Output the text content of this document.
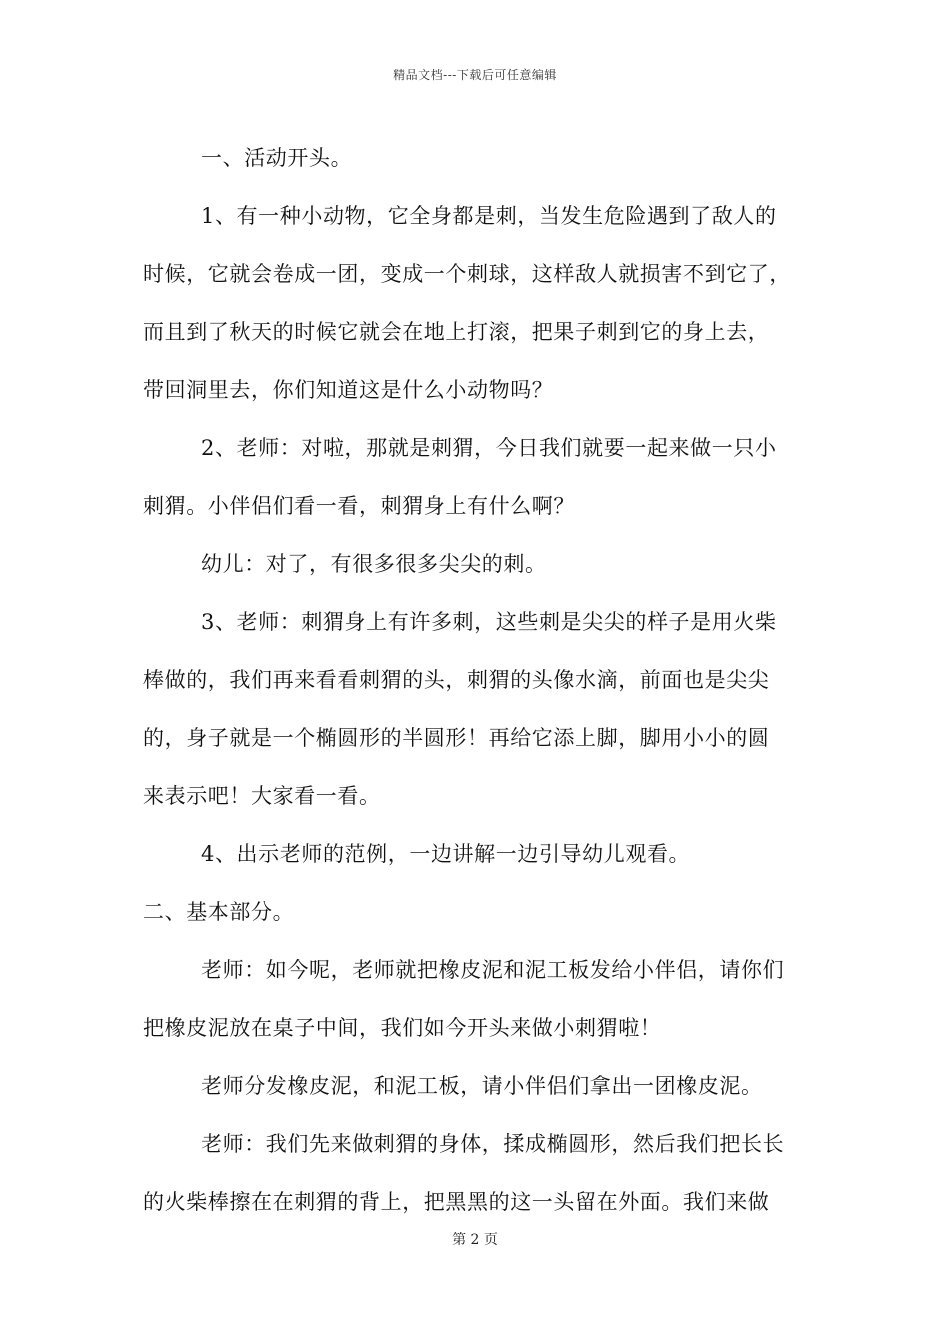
精品文档---下载后可任意编辑

一、活动开头。

1、有一种小动物，它全身都是刺，当发生危险遇到了敌人的

时候，它就会卷成一团，变成一个刺球，这样敌人就损害不到它了，

而且到了秋天的时候它就会在地上打滚，把果子刺到它的身上去，

带回洞里去，你们知道这是什么小动物吗？

2、老师：对啦，那就是刺猬，今日我们就要一起来做一只小

刺猬。小伴侣们看一看，刺猬身上有什么啊？

幼儿：对了，有很多很多尖尖的刺。

3、老师：刺猬身上有许多刺，这些刺是尖尖的样子是用火柴

棒做的，我们再来看看刺猬的头，刺猬的头像水滴，前面也是尖尖

的，身子就是一个椭圆形的半圆形！再给它添上脚，脚用小小的圆

来表示吧！大家看一看。

4、出示老师的范例，一边讲解一边引导幼儿观看。

二、基本部分。

老师：如今呢，老师就把橡皮泥和泥工板发给小伴侣，请你们

把橡皮泥放在桌子中间，我们如今开头来做小刺猬啦！

老师分发橡皮泥，和泥工板，请小伴侣们拿出一团橡皮泥。

老师：我们先来做刺猬的身体，揉成椭圆形，然后我们把长长

的火柴棒擦在在刺猬的背上，把黑黑的这一头留在外面。我们来做

第 2 页
